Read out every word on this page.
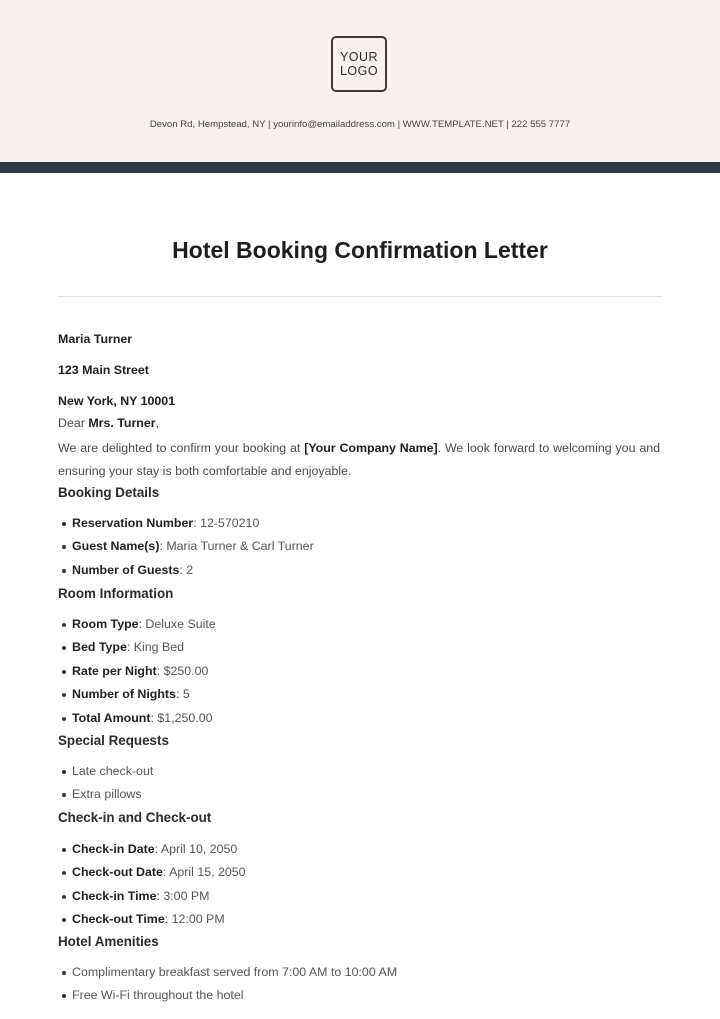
YOUR
LOGO
Devon Rd, Hempstead, NY | yourinfo@emailaddress.com | WWW.TEMPLATE.NET | 222 555 7777
Hotel Booking Confirmation Letter
Maria Turner
123 Main Street
New York, NY 10001
Dear Mrs. Turner,
We are delighted to confirm your booking at [Your Company Name]. We look forward to welcoming you and ensuring your stay is both comfortable and enjoyable.
Booking Details
Reservation Number: 12-570210
Guest Name(s): Maria Turner & Carl Turner
Number of Guests: 2
Room Information
Room Type: Deluxe Suite
Bed Type: King Bed
Rate per Night: $250.00
Number of Nights: 5
Total Amount: $1,250.00
Special Requests
Late check-out
Extra pillows
Check-in and Check-out
Check-in Date: April 10, 2050
Check-out Date: April 15, 2050
Check-in Time: 3:00 PM
Check-out Time: 12:00 PM
Hotel Amenities
Complimentary breakfast served from 7:00 AM to 10:00 AM
Free Wi-Fi throughout the hotel
